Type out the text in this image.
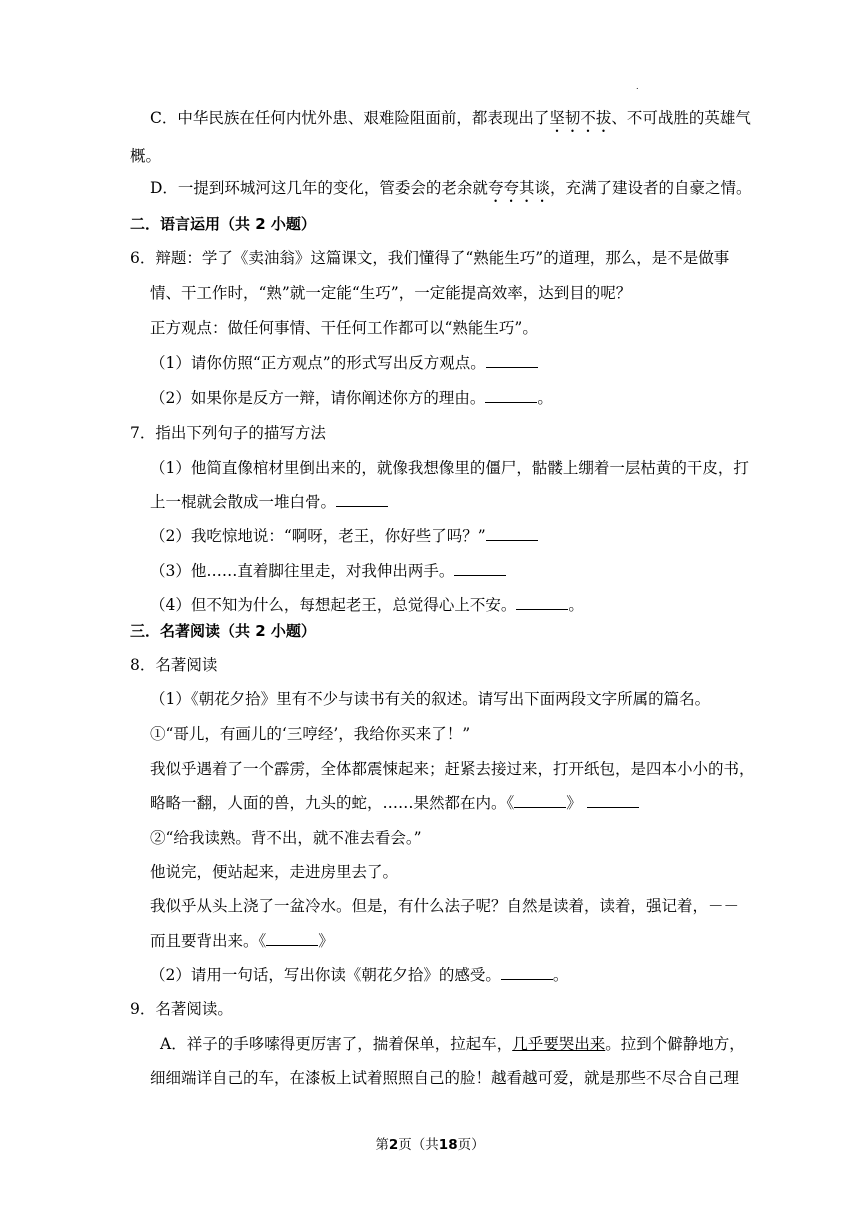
.
C．中华民族在任何内忧外患、艰难险阻面前，都表现出了坚韧不拔、不可战胜的英雄气
概。
D．一提到环城河这几年的变化，管委会的老余就夸夸其谈，充满了建设者的自豪之情。
二．语言运用（共 2 小题）
6．辩题：学了《卖油翁》这篇课文，我们懂得了“熟能生巧”的道理，那么，是不是做事
情、干工作时，“熟”就一定能“生巧”，一定能提高效率，达到目的呢？
正方观点：做任何事情、干任何工作都可以“熟能生巧”。
（1）请你仿照“正方观点”的形式写出反方观点。
（2）如果你是反方一辩，请你阐述你方的理由。	。
7．指出下列句子的描写方法
（1）他简直像棺材里倒出来的，就像我想像里的僵尸，骷髅上绷着一层枯黄的干皮，打
上一棍就会散成一堆白骨。
（2）我吃惊地说：“啊呀，老王，你好些了吗？”
（3）他……直着脚往里走，对我伸出两手。
（4）但不知为什么，每想起老王，总觉得心上不安。	。
三．名著阅读（共 2 小题）
8．名著阅读
（1）《朝花夕拾》里有不少与读书有关的叙述。请写出下面两段文字所属的篇名。
①“哥儿，有画儿的‘三哼经’，我给你买来了！”
我似乎遇着了一个霹雳，全体都震悚起来；赶紧去接过来，打开纸包，是四本小小的书，
略略一翻，人面的兽，九头的蛇，……果然都在内。《	》
②“给我读熟。背不出，就不准去看会。”
他说完，便站起来，走进房里去了。
我似乎从头上浇了一盆冷水。但是，有什么法子呢？自然是读着，读着，强记着，－－
而且要背出来。《	》
（2）请用一句话，写出你读《朝花夕拾》的感受。	。
9．名著阅读。
A．祥子的手哆嗦得更厉害了，揣着保单，拉起车，几乎要哭出来。拉到个僻静地方，
细细端详自己的车，在漆板上试着照照自己的脸！越看越可爱，就是那些不尽合自己理
第2页（共18页）
